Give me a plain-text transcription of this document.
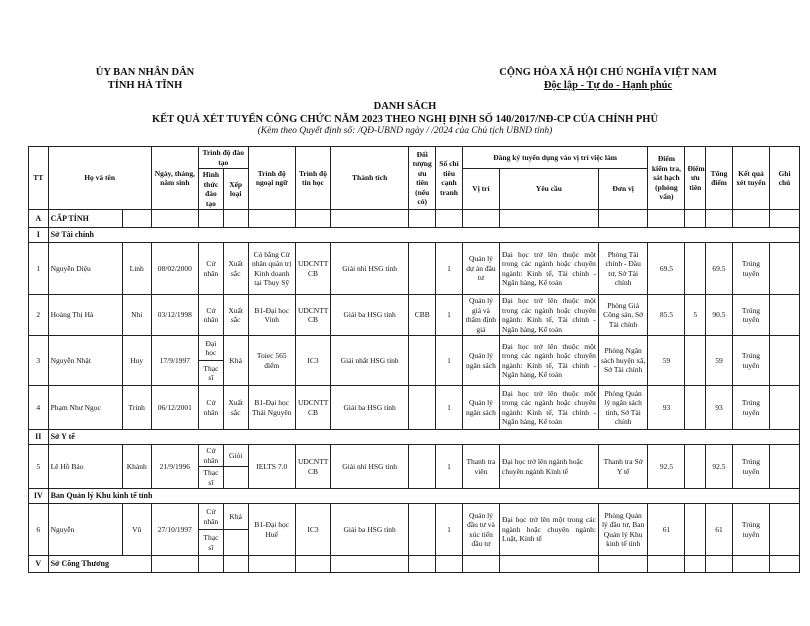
ỦY BAN NHÂN DÂN
TỈNH HÀ TĨNH
CỘNG HÒA XÃ HỘI CHỦ NGHĨA VIỆT NAM
Độc lập - Tự do - Hạnh phúc
DANH SÁCH
KẾT QUẢ XÉT TUYỂN CÔNG CHỨC NĂM 2023 THEO NGHỊ ĐỊNH SỐ 140/2017/NĐ-CP CỦA CHÍNH PHỦ
(Kèm theo Quyết định số: /QĐ-UBND ngày / /2024 của Chủ tịch UBND tỉnh)
TT	Họ và tên		Ngày, tháng, năm sinh	Trình độ đào tạo		Trình độ ngoại ngữ	Trình độ tin học	Thành tích	Đối tượng ưu tiên (nếu có)	Số chỉ tiêu cạnh tranh	Đăng ký tuyển dụng vào vị trí việc làm			Điểm kiểm tra, sát hạch (phỏng vấn)	Điểm ưu tiên	Tổng điểm	Kết quả xét tuyển	Ghi chú
				Hình thức đào tạo	Xếp loại						Vị trí	Yêu cầu	Đơn vị					
A	CẤP TỈNH																	
I	Sở Tài chính																	
1	Nguyễn Diệu	Linh	08/02/2000	Cử nhân	Xuất sắc	Có bằng Cử nhân quản trị Kinh doanh tại Thụy Sỹ	UDCNTT CB	Giải nhì HSG tỉnh		1	Quản lý dự án đầu tư	Đại học trở lên thuộc một trong các ngành hoặc chuyên ngành: Kinh tế, Tài chính - Ngân hàng, Kế toán	Phòng Tài chính - Đầu tư, Sở Tài chính	69.5		69.5	Trúng tuyển	
2	Hoàng Thị Hà	Nhi	03/12/1998	Cử nhân	Xuất sắc	B1-Đại học Vinh	UDCNTT CB	Giải ba HSG tỉnh	CBB	1	Quản lý giá và thẩm định giá	Đại học trở lên thuộc một trong các ngành hoặc chuyên ngành: Kinh tế, Tài chính - Ngân hàng, Kế toán	Phòng Giá Công sản, Sở Tài chính	85.5	5	90.5	Trúng tuyển	
3	Nguyễn Nhật	Huy	17/9/1997	Đại học	Khá	Toiec 565 điểm	IC3	Giải nhất HSG tỉnh		1	Quản lý ngân sách	Đại học trở lên thuộc một trong các ngành hoặc chuyên ngành: Kinh tế, Tài chính - Ngân hàng, Kế toán	Phòng Ngân sách huyện xã, Sở Tài chính	59		59	Trúng tuyển	
				Thạc sĩ														
4	Phạm Như Ngọc	Trinh	06/12/2001	Cử nhân	Xuất sắc	B1-Đại học Thái Nguyên	UDCNTT CB	Giải ba HSG tỉnh		1	Quản lý ngân sách	Đại học trở lên thuộc một trong các ngành hoặc chuyên ngành: Kinh tế, Tài chính - Ngân hàng, Kế toán	Phòng Quản lý ngân sách tỉnh, Sở Tài chính	93		93	Trúng tuyển	
II	Sở Y tế																	
5	Lê Hồ Bảo	Khánh	21/9/1996	Cử nhân	Giỏi	IELTS 7.0	UDCNTT CB	Giải nhì HSG tỉnh		1	Thanh tra viên	Đại học trở lên ngành hoặc chuyên ngành Kinh tế	Thanh tra Sở Y tế	92.5		92.5	Trúng tuyển	
				Thạc sĩ														
IV	Ban Quản lý Khu kinh tế tỉnh																	
6	Nguyễn	Vũ	27/10/1997	Cử nhân	Khá	B1-Đại học Huế	IC3	Giải ba HSG tỉnh		1	Quản lý đầu tư và xúc tiến đầu tư	Đại học trở lên một trong các ngành hoặc chuyên ngành: Luật, Kinh tế	Phòng Quản lý đầu tư, Ban Quản lý Khu kinh tế tỉnh	61		61	Trúng tuyển	
				Thạc sĩ														
V	Sở Công Thương																	
